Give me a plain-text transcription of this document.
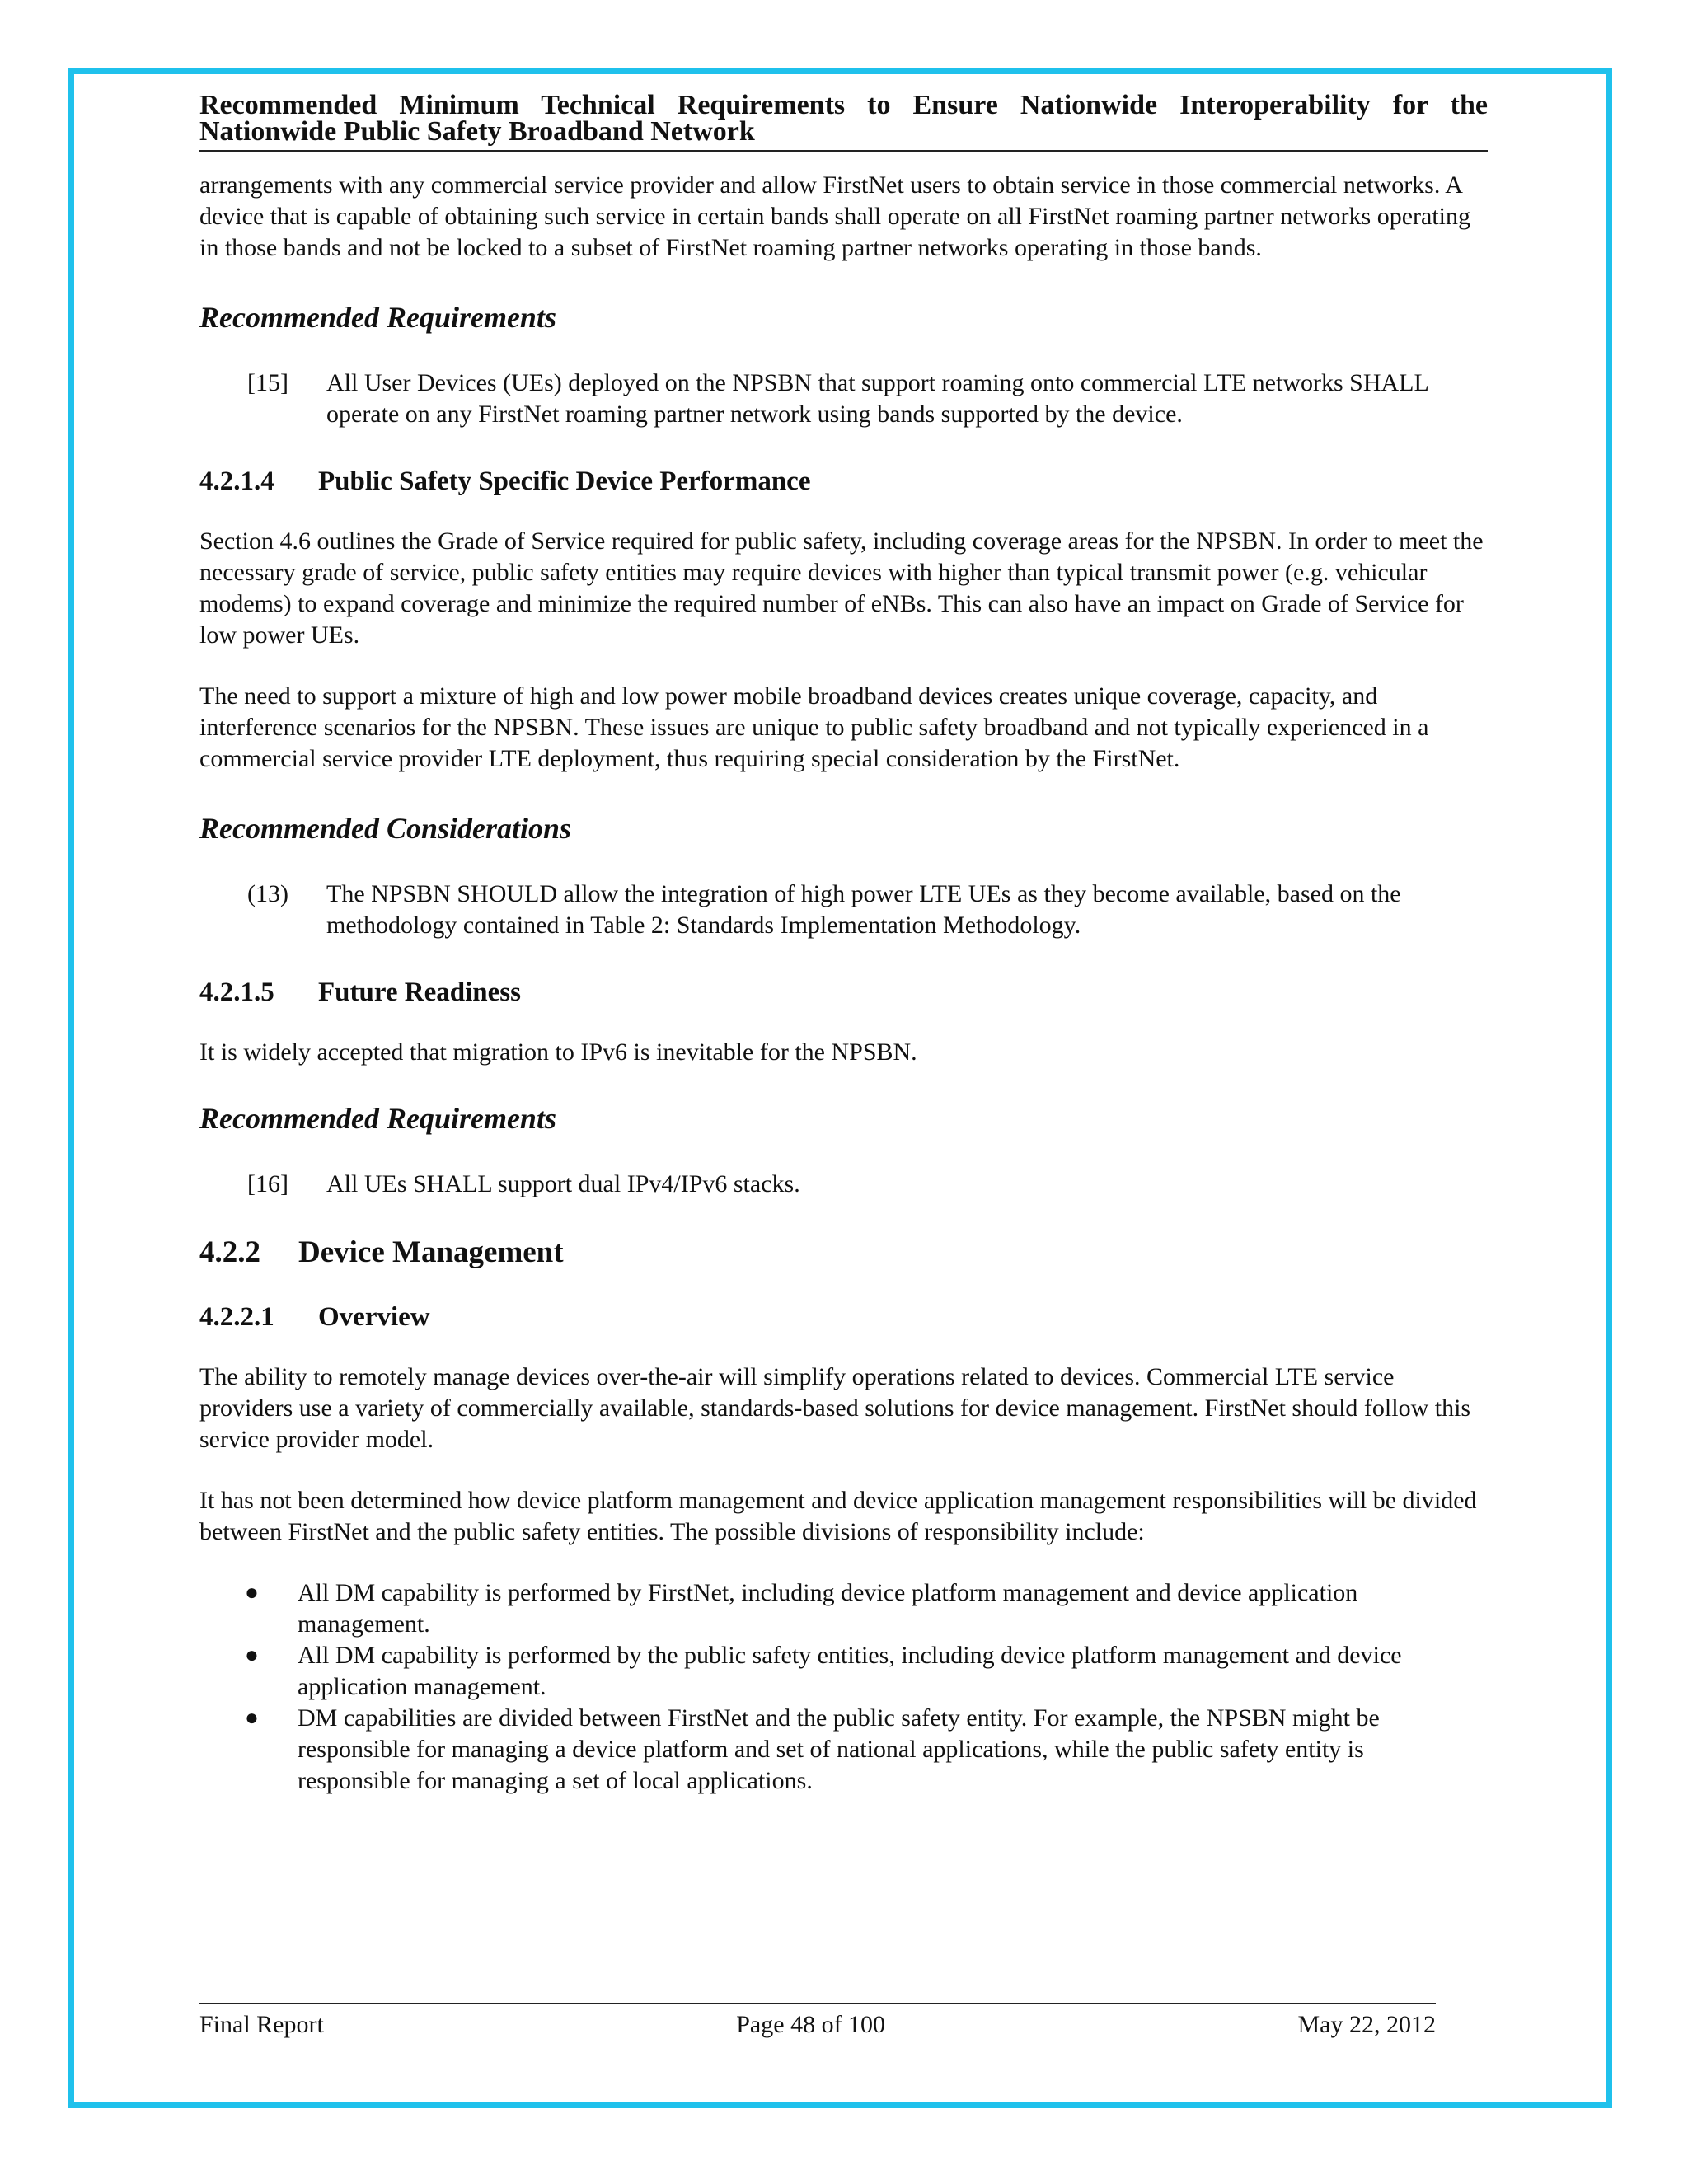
Recommended Minimum Technical Requirements to Ensure Nationwide Interoperability for the Nationwide Public Safety Broadband Network

arrangements with any commercial service provider and allow FirstNet users to obtain service in those commercial networks. A device that is capable of obtaining such service in certain bands shall operate on all FirstNet roaming partner networks operating in those bands and not be locked to a subset of FirstNet roaming partner networks operating in those bands.

Recommended Requirements

[15]	All User Devices (UEs) deployed on the NPSBN that support roaming onto commercial LTE networks SHALL operate on any FirstNet roaming partner network using bands supported by the device.
4.2.1.4	Public Safety Specific Device Performance

Section 4.6 outlines the Grade of Service required for public safety, including coverage areas for the NPSBN. In order to meet the necessary grade of service, public safety entities may require devices with higher than typical transmit power (e.g. vehicular modems) to expand coverage and minimize the required number of eNBs. This can also have an impact on Grade of Service for low power UEs.

The need to support a mixture of high and low power mobile broadband devices creates unique coverage, capacity, and interference scenarios for the NPSBN. These issues are unique to public safety broadband and not typically experienced in a commercial service provider LTE deployment, thus requiring special consideration by the FirstNet.

Recommended Considerations

(13)	The NPSBN SHOULD allow the integration of high power LTE UEs as they become available, based on the methodology contained in Table 2: Standards Implementation Methodology.
4.2.1.5	Future Readiness

It is widely accepted that migration to IPv6 is inevitable for the NPSBN.

Recommended Requirements

[16]	All UEs SHALL support dual IPv4/IPv6 stacks.
4.2.2	Device Management
4.2.2.1	Overview

The ability to remotely manage devices over-the-air will simplify operations related to devices. Commercial LTE service providers use a variety of commercially available, standards-based solutions for device management. FirstNet should follow this service provider model.

It has not been determined how device platform management and device application management responsibilities will be divided between FirstNet and the public safety entities. The possible divisions of responsibility include:

●	All DM capability is performed by FirstNet, including device platform management and device application management.
●	All DM capability is performed by the public safety entities, including device platform management and device application management.
●	DM capabilities are divided between FirstNet and the public safety entity. For example, the NPSBN might be responsible for managing a device platform and set of national applications, while the public safety entity is responsible for managing a set of local applications.
Final Report	Page 48 of 100	May 22, 2012
